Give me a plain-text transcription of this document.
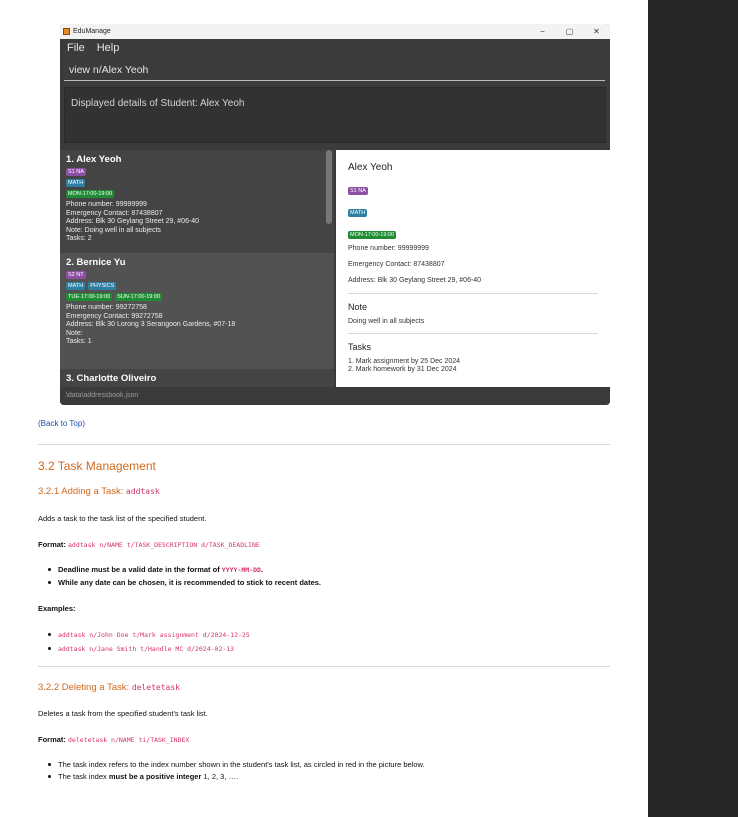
EduManage	−	▢	✕
File Help
view n/Alex Yeoh
Displayed details of Student: Alex Yeoh
1. Alex Yeoh
S1 NA
MATH
MON-17:00-19:00
Phone number: 99999999
Emergency Contact: 87438807
Address: Blk 30 Geylang Street 29, #06-40
Note: Doing well in all subjects
Tasks: 2
2. Bernice Yu
S2 NT
MATH	PHYSICS
TUE-17:00-19:00	SUN-17:00-19:00
Phone number: 99272758
Emergency Contact: 99272758
Address: Blk 30 Lorong 3 Serangoon Gardens, #07-18
Note:
Tasks: 1
3. Charlotte Oliveiro
Alex Yeoh
S1 NA
MATH
MON-17:00-19:00
Phone number: 99999999
Emergency Contact: 87438807
Address: Blk 30 Geylang Street 29, #06-40
Note
Doing well in all subjects
Tasks
1. Mark assignment by 25 Dec 2024
2. Mark homework by 31 Dec 2024
.\data\addressbook.json
(Back to Top)
3.2 Task Management
3.2.1 Adding a Task: addtask
Adds a task to the task list of the specified student.
Format: addtask n/NAME t/TASK_DESCRIPTION d/TASK_DEADLINE
Deadline must be a valid date in the format of YYYY-MM-DD.
While any date can be chosen, it is recommended to stick to recent dates.
Examples:
addtask n/John Doe t/Mark assignment d/2024-12-25
addtask n/Jane Smith t/Handle MC d/2024-02-13
3.2.2 Deleting a Task: deletetask
Deletes a task from the specified student's task list.
Format: deletetask n/NAME ti/TASK_INDEX
The task index refers to the index number shown in the student's task list, as circled in red in the picture below.
The task index must be a positive integer 1, 2, 3, ….
